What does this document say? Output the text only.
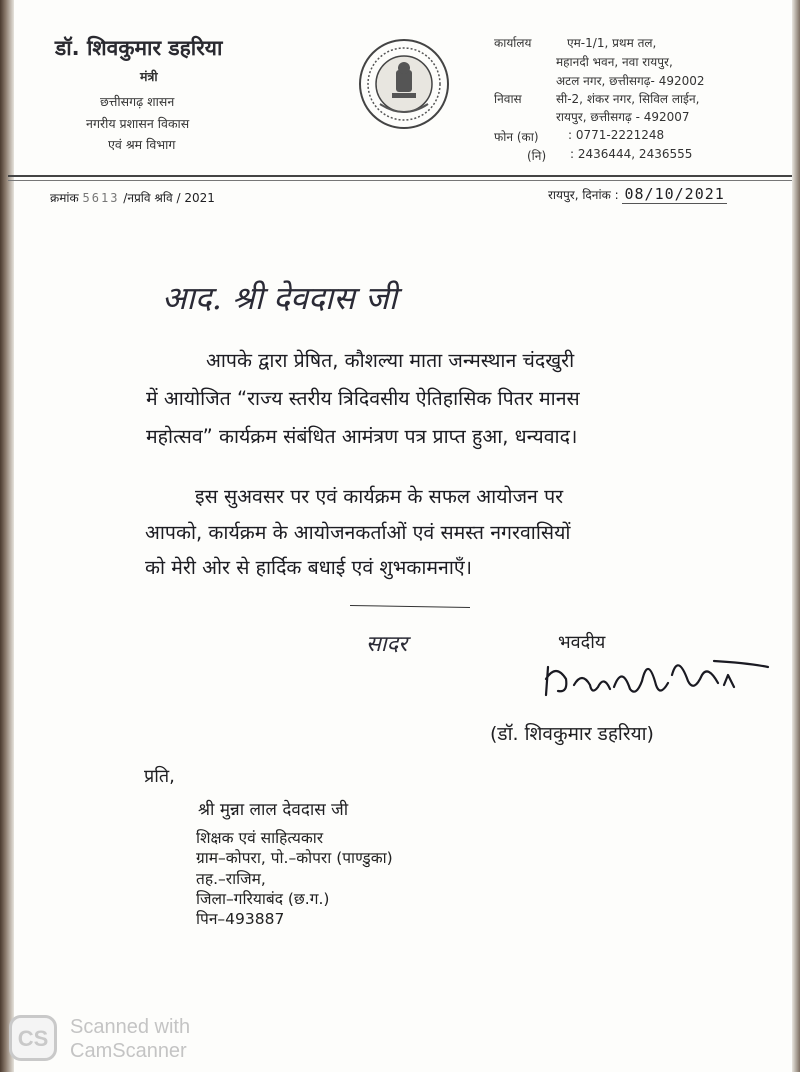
डॉ. शिवकुमार डहरिया
मंत्री
छत्तीसगढ़ शासन
नगरीय प्रशासन विकास
एवं श्रम विभाग
कार्यालय	एम-1/1, प्रथम तल,
महानदी भवन, नवा रायपुर,
अटल नगर, छत्तीसगढ़- 492002
निवास	सी-2, शंकर नगर, सिविल लाईन,
रायपुर, छत्तीसगढ़ - 492007
फोन (का) : 0771-2221248
(नि) : 2436444, 2436555
क्रमांक 5613 /नप्रवि श्रवि / 2021	रायपुर, दिनांक : 08/10/2021
आद. श्री देवदास जी
आपके द्वारा प्रेषित, कौशल्या माता जन्मस्थान चंदखुरी
में आयोजित “राज्य स्तरीय त्रिदिवसीय ऐतिहासिक पितर मानस
महोत्सव” कार्यक्रम संबंधित आमंत्रण पत्र प्राप्त हुआ, धन्यवाद।
इस सुअवसर पर एवं कार्यक्रम के सफल आयोजन पर
आपको, कार्यक्रम के आयोजनकर्ताओं एवं समस्त नगरवासियों
को मेरी ओर से हार्दिक बधाई एवं शुभकामनाएँ।
सादर	भवदीय
(डॉ. शिवकुमार डहरिया)
प्रति,
श्री मुन्ना लाल देवदास जी
शिक्षक एवं साहित्यकार
ग्राम–कोपरा, पो.–कोपरा (पाण्डुका)
तह.–राजिम,
जिला–गरियाबंद (छ.ग.)
पिन–493887
CS Scanned with
CamScanner
